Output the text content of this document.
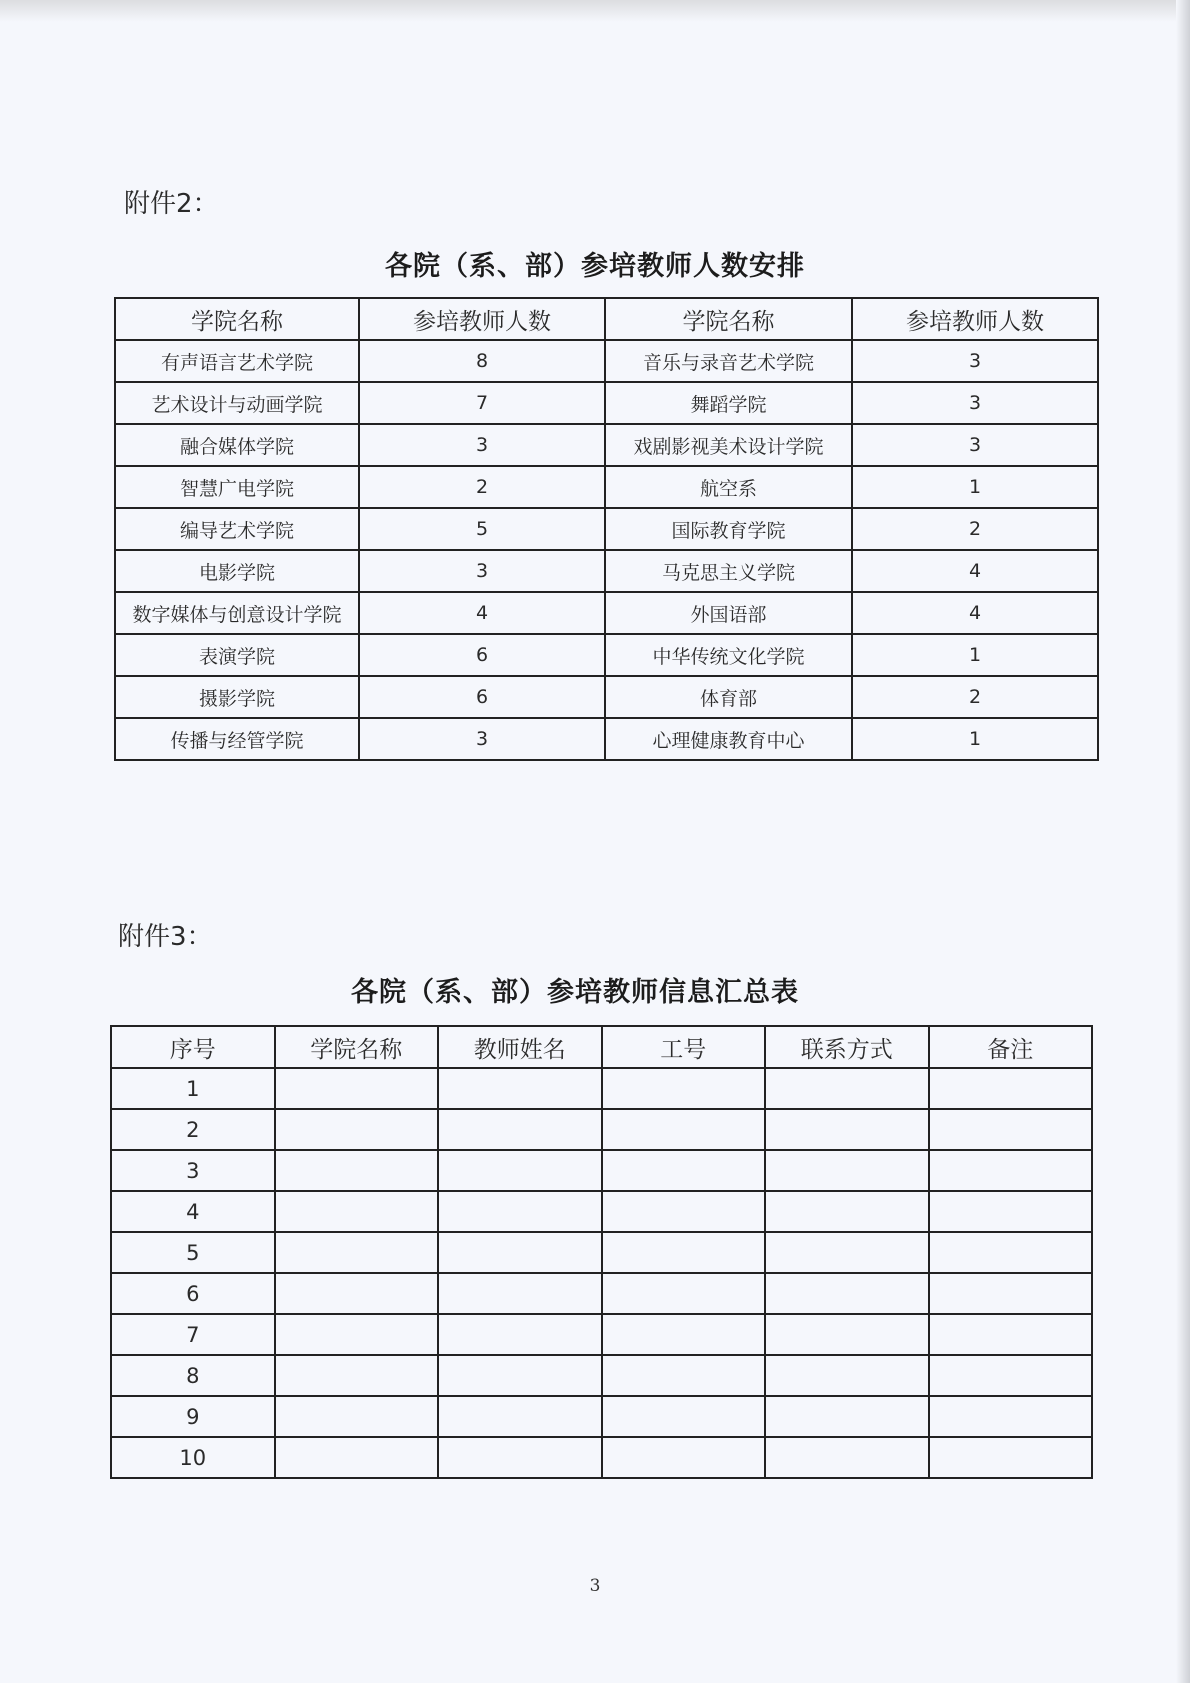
附件2：
各院（系、部）参培教师人数安排
学院名称	参培教师人数	学院名称	参培教师人数
有声语言艺术学院	8	音乐与录音艺术学院	3
艺术设计与动画学院	7	舞蹈学院	3
融合媒体学院	3	戏剧影视美术设计学院	3
智慧广电学院	2	航空系	1
编导艺术学院	5	国际教育学院	2
电影学院	3	马克思主义学院	4
数字媒体与创意设计学院	4	外国语部	4
表演学院	6	中华传统文化学院	1
摄影学院	6	体育部	2
传播与经管学院	3	心理健康教育中心	1
附件3：
各院（系、部）参培教师信息汇总表
序号	学院名称	教师姓名	工号	联系方式	备注
1					
2					
3					
4					
5					
6					
7					
8					
9					
10					
3
